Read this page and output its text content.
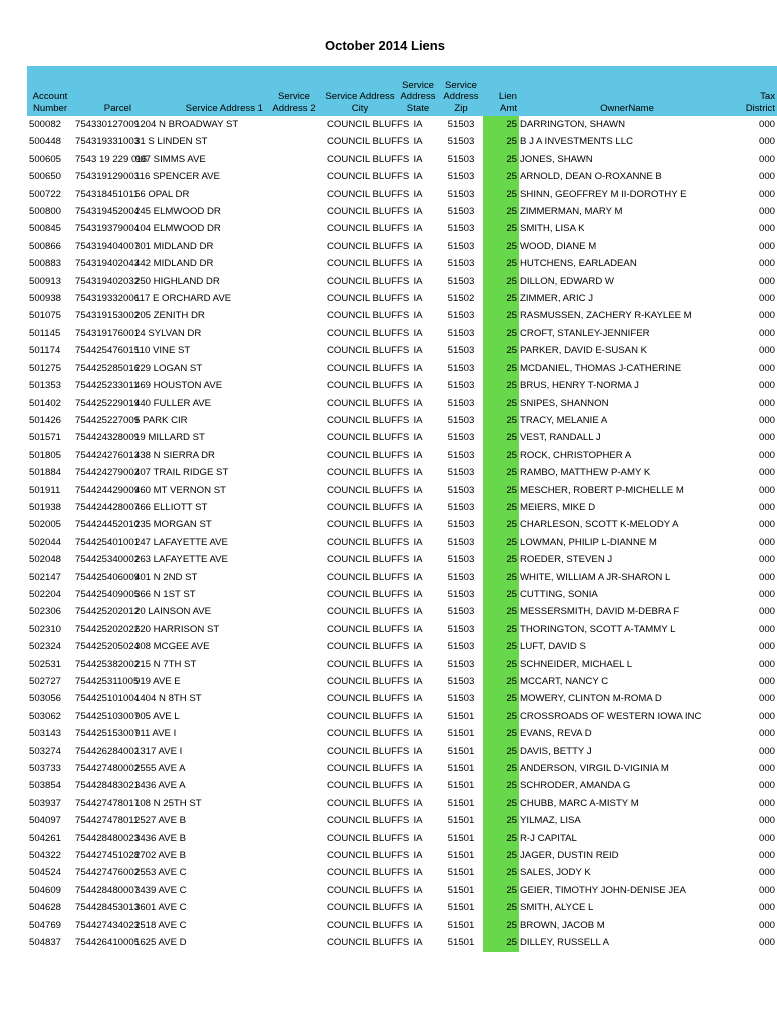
October 2014 Liens
Account Number	Parcel	Service Address 1	Service Address 2	Service Address City	Service Address State	Service Address Zip	Lien Amt	OwnerName	Tax District
500082	754330127009	1204 N BROADWAY ST		COUNCIL BLUFFS	IA	51503	25	DARRINGTON, SHAWN	000
500448	754319331003	31 S LINDEN ST		COUNCIL BLUFFS	IA	51503	25	B J A INVESTMENTS LLC	000
500605	7543 19 229 016	907 SIMMS AVE		COUNCIL BLUFFS	IA	51503	25	JONES, SHAWN	000
500650	754319129003	116 SPENCER AVE		COUNCIL BLUFFS	IA	51503	25	ARNOLD, DEAN O-ROXANNE B	000
500722	754318451011	56 OPAL DR		COUNCIL BLUFFS	IA	51503	25	SHINN, GEOFFREY M II-DOROTHY E	000
500800	754319452004	245 ELMWOOD DR		COUNCIL BLUFFS	IA	51503	25	ZIMMERMAN, MARY M	000
500845	754319379004	104 ELMWOOD DR		COUNCIL BLUFFS	IA	51503	25	SMITH, LISA K	000
500866	754319404007	301 MIDLAND DR		COUNCIL BLUFFS	IA	51503	25	WOOD, DIANE M	000
500883	754319402043	442 MIDLAND DR		COUNCIL BLUFFS	IA	51503	25	HUTCHENS, EARLADEAN	000
500913	754319402032	250 HIGHLAND DR		COUNCIL BLUFFS	IA	51503	25	DILLON, EDWARD W	000
500938	754319332006	117 E ORCHARD AVE		COUNCIL BLUFFS	IA	51502	25	ZIMMER, ARIC J	000
501075	754319153002	205 ZENITH DR		COUNCIL BLUFFS	IA	51503	25	RASMUSSEN, ZACHERY R-KAYLEE M	000
501145	754319176001	24 SYLVAN DR		COUNCIL BLUFFS	IA	51503	25	CROFT, STANLEY-JENNIFER	000
501174	754425476015	110 VINE ST		COUNCIL BLUFFS	IA	51503	25	PARKER, DAVID E-SUSAN K	000
501275	754425285016	229 LOGAN ST		COUNCIL BLUFFS	IA	51503	25	MCDANIEL, THOMAS J-CATHERINE	000
501353	754425233011	469 HOUSTON AVE		COUNCIL BLUFFS	IA	51503	25	BRUS, HENRY T-NORMA J	000
501402	754425229019	440 FULLER AVE		COUNCIL BLUFFS	IA	51503	25	SNIPES, SHANNON	000
501426	754425227009	5 PARK CIR		COUNCIL BLUFFS	IA	51503	25	TRACY, MELANIE A	000
501571	754424328009	19 MILLARD ST		COUNCIL BLUFFS	IA	51503	25	VEST, RANDALL J	000
501805	754424276013	438 N SIERRA DR		COUNCIL BLUFFS	IA	51503	25	ROCK, CHRISTOPHER A	000
501884	754424279002	407 TRAIL RIDGE ST		COUNCIL BLUFFS	IA	51503	25	RAMBO, MATTHEW P-AMY K	000
501911	754424429009	460 MT VERNON ST		COUNCIL BLUFFS	IA	51503	25	MESCHER, ROBERT P-MICHELLE M	000
501938	754424428007	466 ELLIOTT ST		COUNCIL BLUFFS	IA	51503	25	MEIERS, MIKE D	000
502005	754424452010	235 MORGAN ST		COUNCIL BLUFFS	IA	51503	25	CHARLESON, SCOTT K-MELODY A	000
502044	754425401001	247 LAFAYETTE AVE		COUNCIL BLUFFS	IA	51503	25	LOWMAN, PHILIP L-DIANNE M	000
502048	754425340002	263 LAFAYETTE AVE		COUNCIL BLUFFS	IA	51503	25	ROEDER, STEVEN J	000
502147	754425406009	401 N 2ND ST		COUNCIL BLUFFS	IA	51503	25	WHITE, WILLIAM A JR-SHARON L	000
502204	754425409005	366 N 1ST ST		COUNCIL BLUFFS	IA	51503	25	CUTTING, SONIA	000
502306	754425202012	20 LAINSON AVE		COUNCIL BLUFFS	IA	51503	25	MESSERSMITH, DAVID M-DEBRA F	000
502310	754425202022	620 HARRISON ST		COUNCIL BLUFFS	IA	51503	25	THORINGTON, SCOTT A-TAMMY L	000
502324	754425205024	308 MCGEE AVE		COUNCIL BLUFFS	IA	51503	25	LUFT, DAVID S	000
502531	754425382002	215 N 7TH ST		COUNCIL BLUFFS	IA	51503	25	SCHNEIDER, MICHAEL L	000
502727	754425311005	919 AVE E		COUNCIL BLUFFS	IA	51503	25	MCCART, NANCY C	000
503056	754425101004	1404 N 8TH ST		COUNCIL BLUFFS	IA	51503	25	MOWERY, CLINTON M-ROMA D	000
503062	754425103007	905 AVE L		COUNCIL BLUFFS	IA	51501	25	CROSSROADS OF WESTERN IOWA INC	000
503143	754425153007	911 AVE I		COUNCIL BLUFFS	IA	51501	25	EVANS, REVA D	000
503274	754426284002	1317 AVE I		COUNCIL BLUFFS	IA	51501	25	DAVIS, BETTY J	000
503733	754427480002	2555 AVE A		COUNCIL BLUFFS	IA	51501	25	ANDERSON, VIRGIL D-VIGINIA M	000
503854	754428483021	3436 AVE A		COUNCIL BLUFFS	IA	51501	25	SCHRODER, AMANDA G	000
503937	754427478017	108 N 25TH ST		COUNCIL BLUFFS	IA	51501	25	CHUBB, MARC A-MISTY M	000
504097	754427478011	2527 AVE B		COUNCIL BLUFFS	IA	51501	25	YILMAZ, LISA	000
504261	754428480023	3436 AVE B		COUNCIL BLUFFS	IA	51501	25	R-J CAPITAL	000
504322	754427451028	2702 AVE B		COUNCIL BLUFFS	IA	51501	25	JAGER, DUSTIN REID	000
504524	754427476002	2553 AVE C		COUNCIL BLUFFS	IA	51501	25	SALES, JODY K	000
504609	754428480007	3439 AVE C		COUNCIL BLUFFS	IA	51501	25	GEIER, TIMOTHY JOHN-DENISE JEA	000
504628	754428453013	3601 AVE C		COUNCIL BLUFFS	IA	51501	25	SMITH, ALYCE L	000
504769	754427434023	2518 AVE C		COUNCIL BLUFFS	IA	51501	25	BROWN, JACOB M	000
504837	754426410005	1625 AVE D		COUNCIL BLUFFS	IA	51501	25	DILLEY, RUSSELL A	000
